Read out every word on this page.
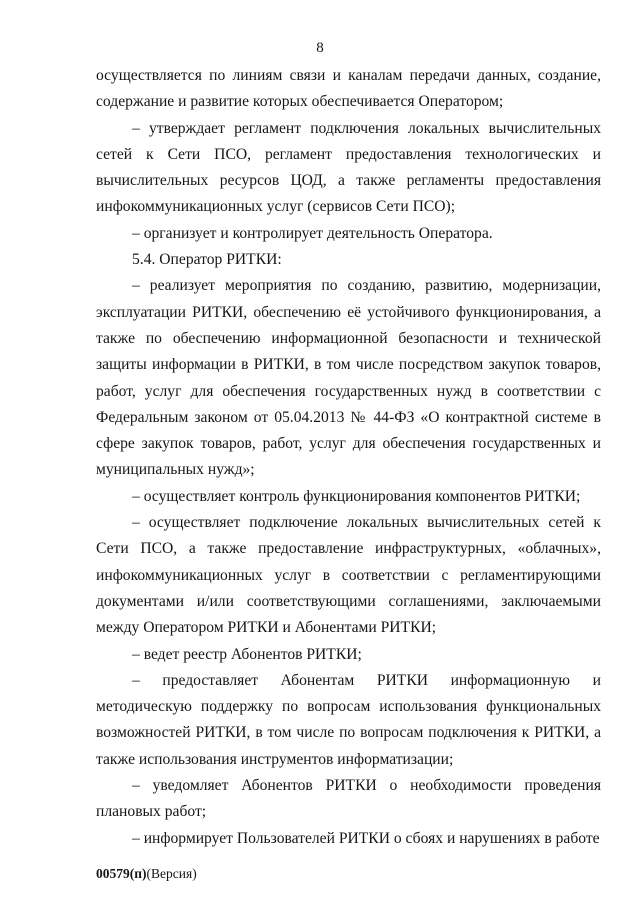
8

осуществляется по линиям связи и каналам передачи данных, создание, содержание и развитие которых обеспечивается Оператором;

– утверждает регламент подключения локальных вычислительных сетей к Сети ПСО, регламент предоставления технологических и вычислительных ресурсов ЦОД, а также регламенты предоставления инфокоммуникационных услуг (сервисов Сети ПСО);

– организует и контролирует деятельность Оператора.

5.4. Оператор РИТКИ:

– реализует мероприятия по созданию, развитию, модернизации, эксплуатации РИТКИ, обеспечению её устойчивого функционирования, а также по обеспечению информационной безопасности и технической защиты информации в РИТКИ, в том числе посредством закупок товаров, работ, услуг для обеспечения государственных нужд в соответствии с Федеральным законом от 05.04.2013 № 44-ФЗ «О контрактной системе в сфере закупок товаров, работ, услуг для обеспечения государственных и муниципальных нужд»;

– осуществляет контроль функционирования компонентов РИТКИ;

– осуществляет подключение локальных вычислительных сетей к Сети ПСО, а также предоставление инфраструктурных, «облачных», инфокоммуникационных услуг в соответствии с регламентирующими документами и/или соответствующими соглашениями, заключаемыми между Оператором РИТКИ и Абонентами РИТКИ;

– ведет реестр Абонентов РИТКИ;

– предоставляет Абонентам РИТКИ информационную и методическую поддержку по вопросам использования функциональных возможностей РИТКИ, в том числе по вопросам подключения к РИТКИ, а также использования инструментов информатизации;

– уведомляет Абонентов РИТКИ о необходимости проведения плановых работ;

– информирует Пользователей РИТКИ о сбоях и нарушениях в работе

00579(п)(Версия)
